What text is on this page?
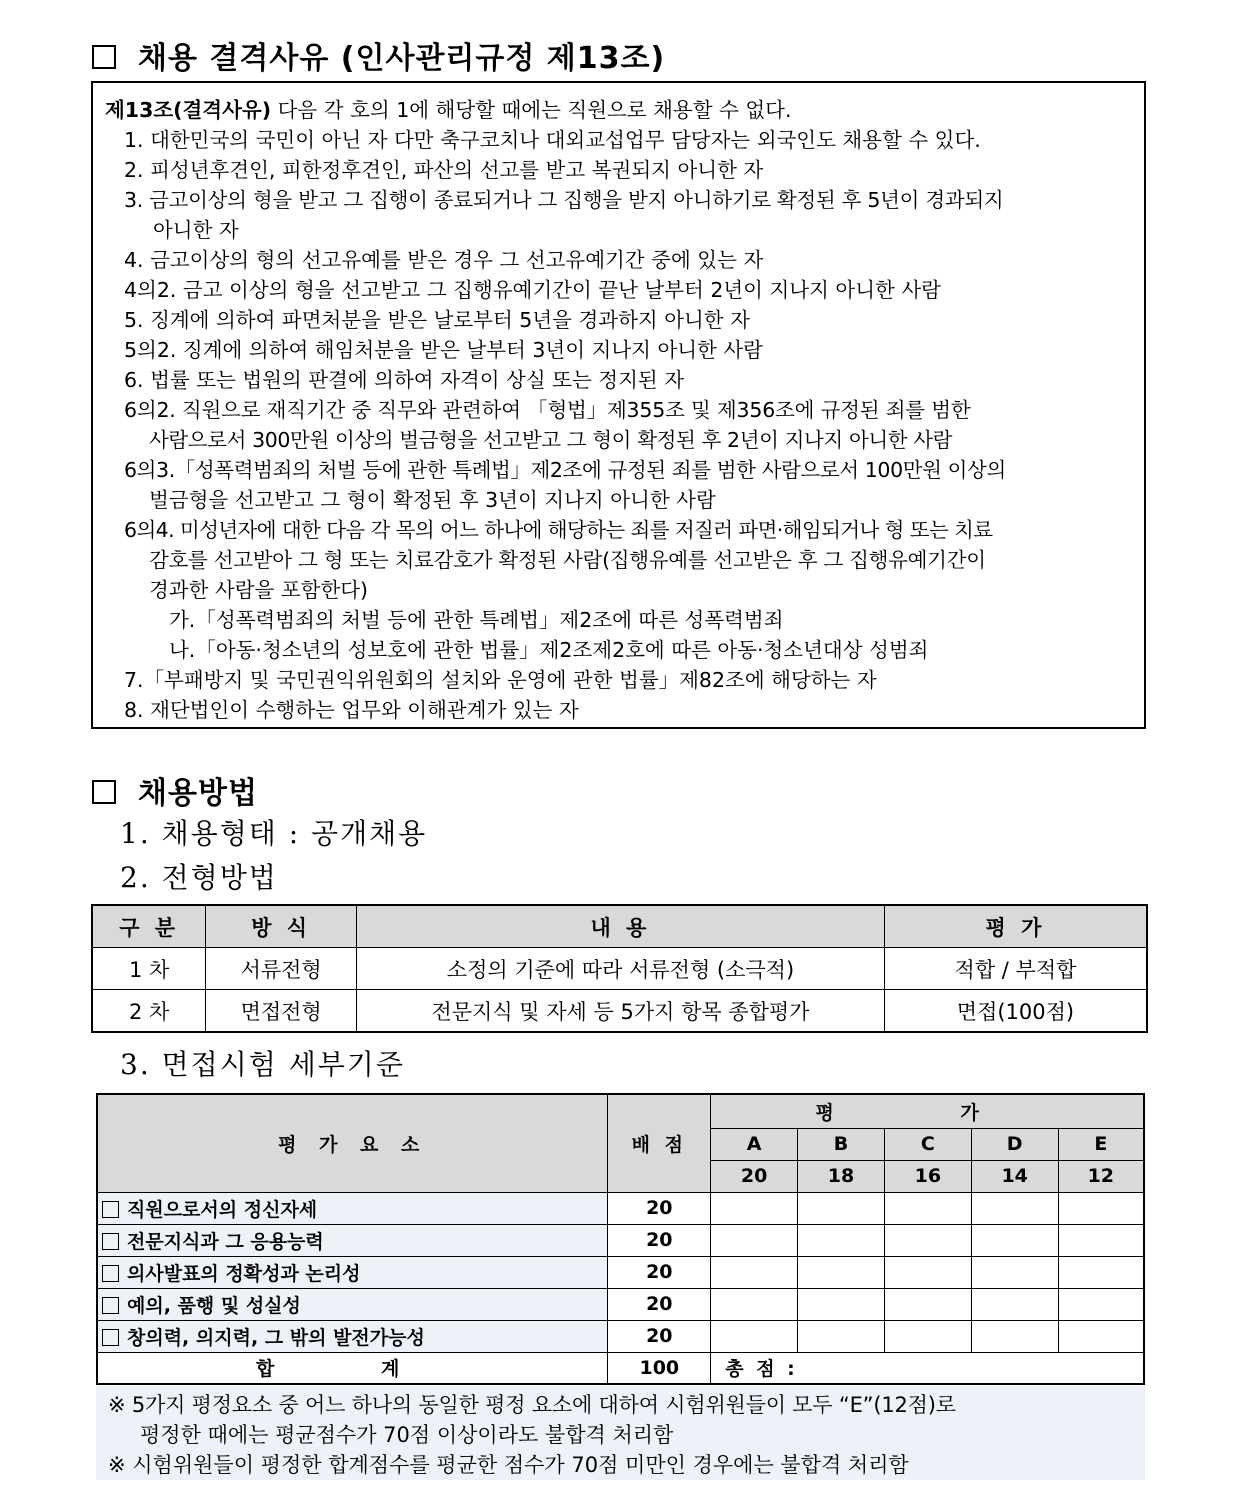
채용 결격사유 (인사관리규정 제13조)
제13조(결격사유) 다음 각 호의 1에 해당할 때에는 직원으로 채용할 수 없다.
1. 대한민국의 국민이 아닌 자 다만 축구코치나 대외교섭업무 담당자는 외국인도 채용할 수 있다.
2. 피성년후견인, 피한정후견인, 파산의 선고를 받고 복권되지 아니한 자
3. 금고이상의 형을 받고 그 집행이 종료되거나 그 집행을 받지 아니하기로 확정된 후 5년이 경과되지
아니한 자
4. 금고이상의 형의 선고유예를 받은 경우 그 선고유예기간 중에 있는 자
4의2. 금고 이상의 형을 선고받고 그 집행유예기간이 끝난 날부터 2년이 지나지 아니한 사람
5. 징계에 의하여 파면처분을 받은 날로부터 5년을 경과하지 아니한 자
5의2. 징계에 의하여 해임처분을 받은 날부터 3년이 지나지 아니한 사람
6. 법률 또는 법원의 판결에 의하여 자격이 상실 또는 정지된 자
6의2. 직원으로 재직기간 중 직무와 관련하여 「형법」제355조 및 제356조에 규정된 죄를 범한
사람으로서 300만원 이상의 벌금형을 선고받고 그 형이 확정된 후 2년이 지나지 아니한 사람
6의3.「성폭력범죄의 처벌 등에 관한 특례법」제2조에 규정된 죄를 범한 사람으로서 100만원 이상의
벌금형을 선고받고 그 형이 확정된 후 3년이 지나지 아니한 사람
6의4. 미성년자에 대한 다음 각 목의 어느 하나에 해당하는 죄를 저질러 파면·해임되거나 형 또는 치료
감호를 선고받아 그 형 또는 치료감호가 확정된 사람(집행유예를 선고받은 후 그 집행유예기간이
경과한 사람을 포함한다)
가.「성폭력범죄의 처벌 등에 관한 특례법」제2조에 따른 성폭력범죄
나.「아동·청소년의 성보호에 관한 법률」제2조제2호에 따른 아동·청소년대상 성범죄
7.「부패방지 및 국민권익위원회의 설치와 운영에 관한 법률」제82조에 해당하는 자
8. 재단법인이 수행하는 업무와 이해관계가 있는 자
채용방법
1. 채용형태 : 공개채용
2. 전형방법
구 분	방 식	내 용	평 가
1 차	서류전형	소정의 기준에 따라 서류전형 (소극적)	적합 / 부적합
2 차	면접전형	전문지식 및 자세 등 5가지 항목 종합평가	면접(100점)
3. 면접시험 세부기준
평 가 요 소	배 점	평 가				
		A	B	C	D	E
		20	18	16	14	12
직원으로서의 정신자세	20					
전문지식과 그 응용능력	20					
의사발표의 정확성과 논리성	20					
예의, 품행 및 성실성	20					
창의력, 의지력, 그 밖의 발전가능성	20					
합 계	100	총 점 :				
※ 5가지 평정요소 중 어느 하나의 동일한 평정 요소에 대하여 시험위원들이 모두 “E”(12점)로
평정한 때에는 평균점수가 70점 이상이라도 불합격 처리함
※ 시험위원들이 평정한 합계점수를 평균한 점수가 70점 미만인 경우에는 불합격 처리함
